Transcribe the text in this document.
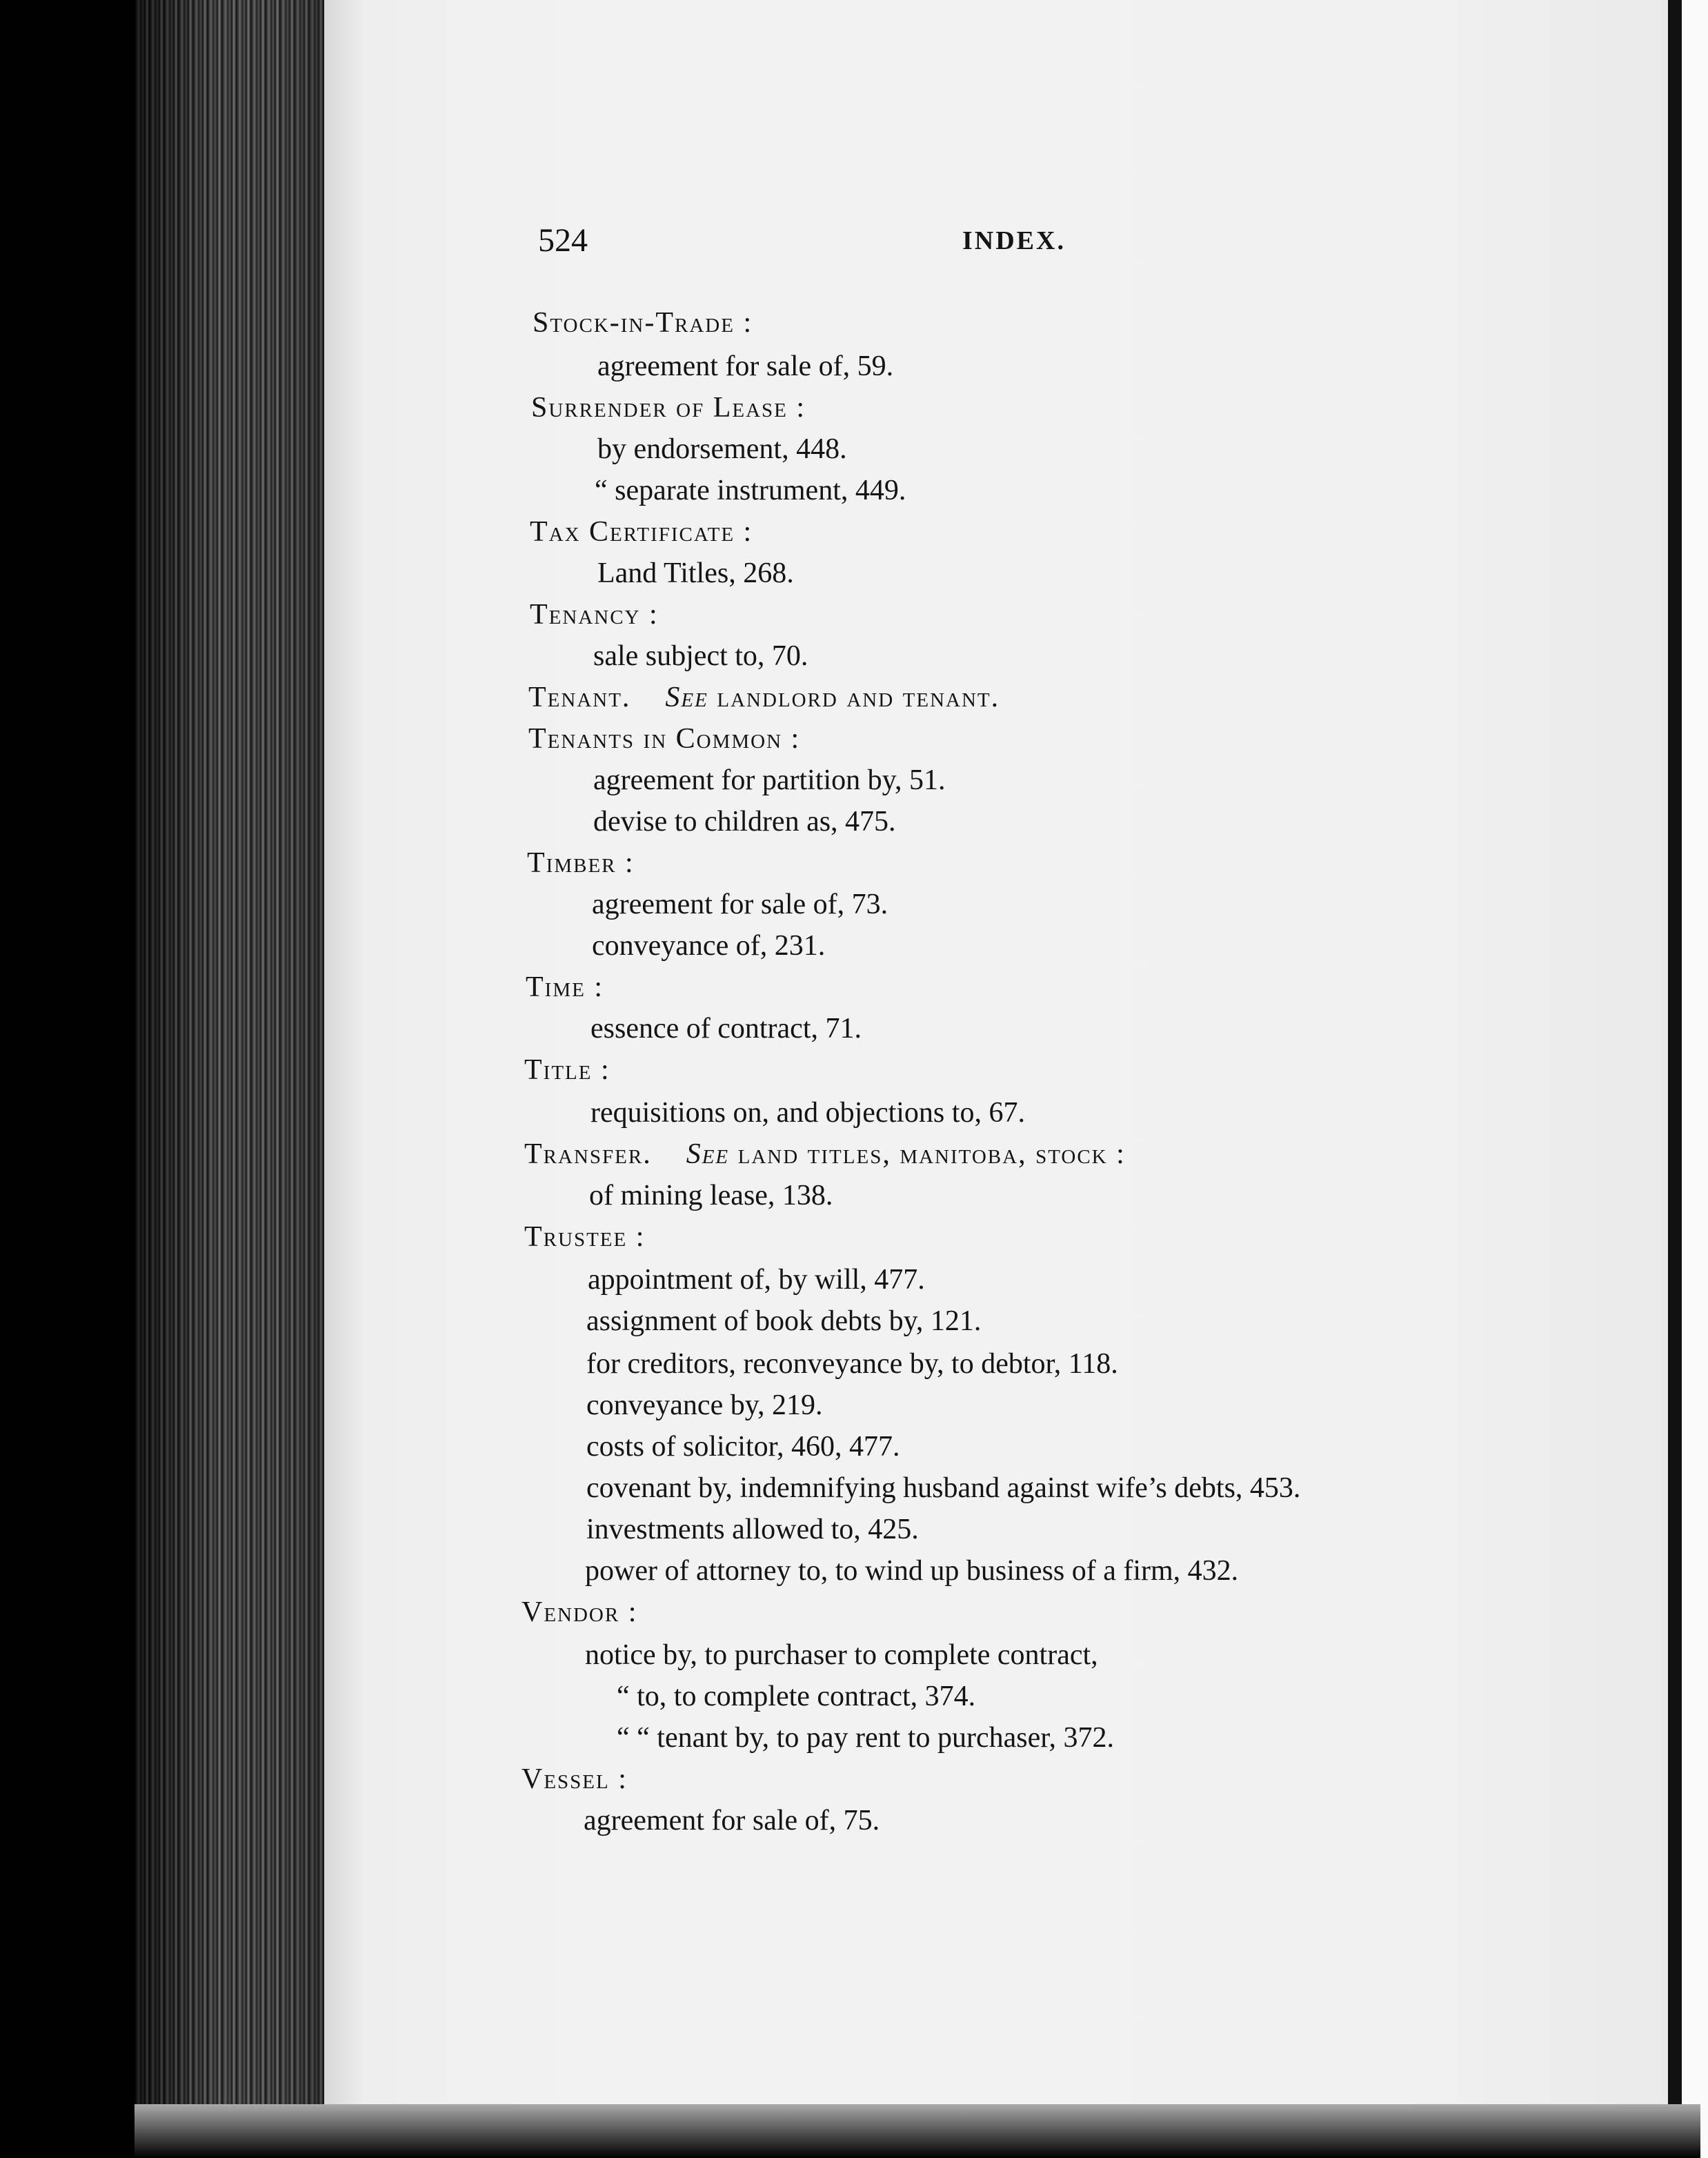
524	INDEX.
Stock-in-Trade :
agreement for sale of, 59.
Surrender of Lease :
by endorsement, 448.
“ separate instrument, 449.
Tax Certificate :
Land Titles, 268.
Tenancy :
sale subject to, 70.
Tenant. See landlord and tenant.
Tenants in Common :
agreement for partition by, 51.
devise to children as, 475.
Timber :
agreement for sale of, 73.
conveyance of, 231.
Time :
essence of contract, 71.
Title :
requisitions on, and objections to, 67.
Transfer. See land titles, manitoba, stock :
of mining lease, 138.
Trustee :
appointment of, by will, 477.
assignment of book debts by, 121.
for creditors, reconveyance by, to debtor, 118.
conveyance by, 219.
costs of solicitor, 460, 477.
covenant by, indemnifying husband against wife’s debts, 453.
investments allowed to, 425.
power of attorney to, to wind up business of a firm, 432.
Vendor :
notice by, to purchaser to complete contract,
“ to, to complete contract, 374.
“ “ tenant by, to pay rent to purchaser, 372.
Vessel :
agreement for sale of, 75.
